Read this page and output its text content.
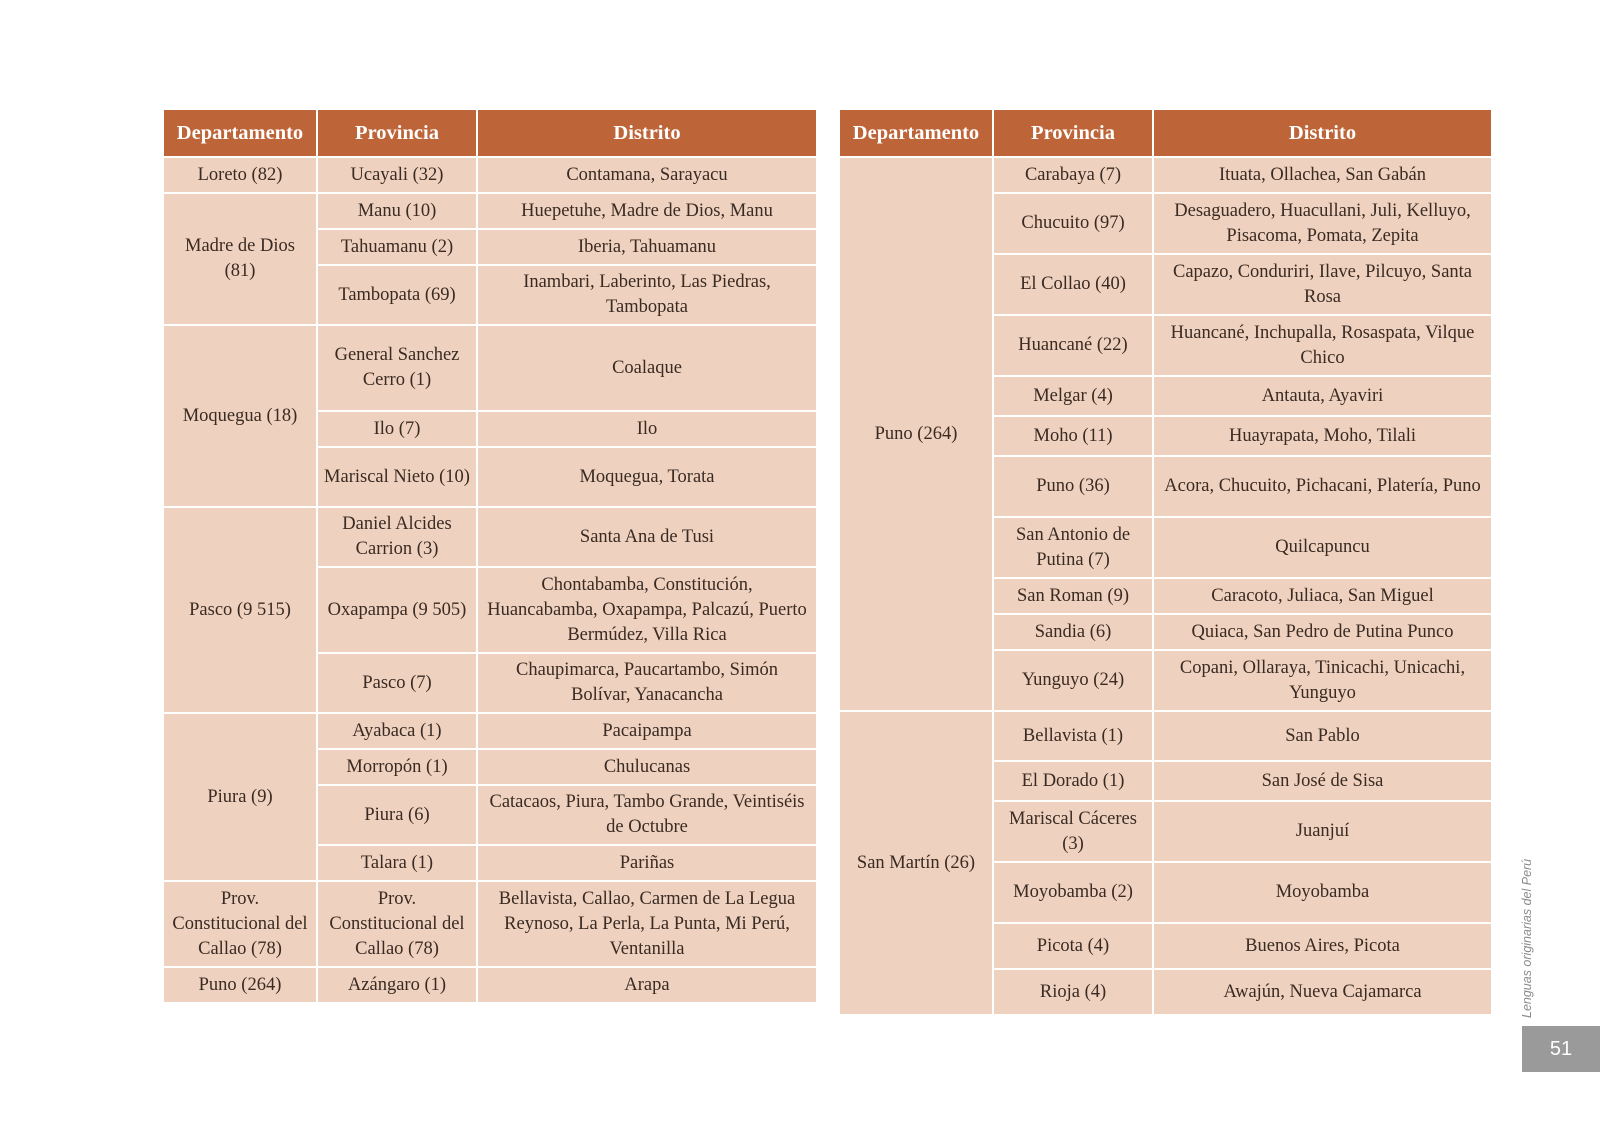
Departamento	Provincia	Distrito
Loreto (82)	Ucayali (32)	Contamana, Sarayacu
Madre de Dios (81)	Manu (10)	Huepetuhe, Madre de Dios, Manu
	Tahuamanu (2)	Iberia, Tahuamanu
	Tambopata (69)	Inambari, Laberinto, Las Piedras, Tambopata
Moquegua (18)	General Sanchez Cerro (1)	Coalaque
	Ilo (7)	Ilo
	Mariscal Nieto (10)	Moquegua, Torata
Pasco (9 515)	Daniel Alcides Carrion (3)	Santa Ana de Tusi
	Oxapampa (9 505)	Chontabamba, Constitución, Huancabamba, Oxapampa, Palcazú, Puerto Bermúdez, Villa Rica
	Pasco (7)	Chaupimarca, Paucartambo, Simón Bolívar, Yanacancha
Piura (9)	Ayabaca (1)	Pacaipampa
	Morropón (1)	Chulucanas
	Piura (6)	Catacaos, Piura, Tambo Grande, Veintiséis de Octubre
	Talara (1)	Pariñas
Prov. Constitucional del Callao (78)	Prov. Constitucional del Callao (78)	Bellavista, Callao, Carmen de La Legua Reynoso, La Perla, La Punta, Mi Perú, Ventanilla
Puno (264)	Azángaro (1)	Arapa
Departamento	Provincia	Distrito
Puno (264)	Carabaya (7)	Ituata, Ollachea, San Gabán
	Chucuito (97)	Desaguadero, Huacullani, Juli, Kelluyo, Pisacoma, Pomata, Zepita
	El Collao (40)	Capazo, Conduriri, Ilave, Pilcuyo, Santa Rosa
	Huancané (22)	Huancané, Inchupalla, Rosaspata, Vilque Chico
	Melgar (4)	Antauta, Ayaviri
	Moho (11)	Huayrapata, Moho, Tilali
	Puno (36)	Acora, Chucuito, Pichacani, Platería, Puno
	San Antonio de Putina (7)	Quilcapuncu
	San Roman (9)	Caracoto, Juliaca, San Miguel
	Sandia (6)	Quiaca, San Pedro de Putina Punco
	Yunguyo (24)	Copani, Ollaraya, Tinicachi, Unicachi, Yunguyo
San Martín (26)	Bellavista (1)	San Pablo
	El Dorado (1)	San José de Sisa
	Mariscal Cáceres (3)	Juanjuí
	Moyobamba (2)	Moyobamba
	Picota (4)	Buenos Aires, Picota
	Rioja (4)	Awajún, Nueva Cajamarca	Lenguas originarias del Perú
51
